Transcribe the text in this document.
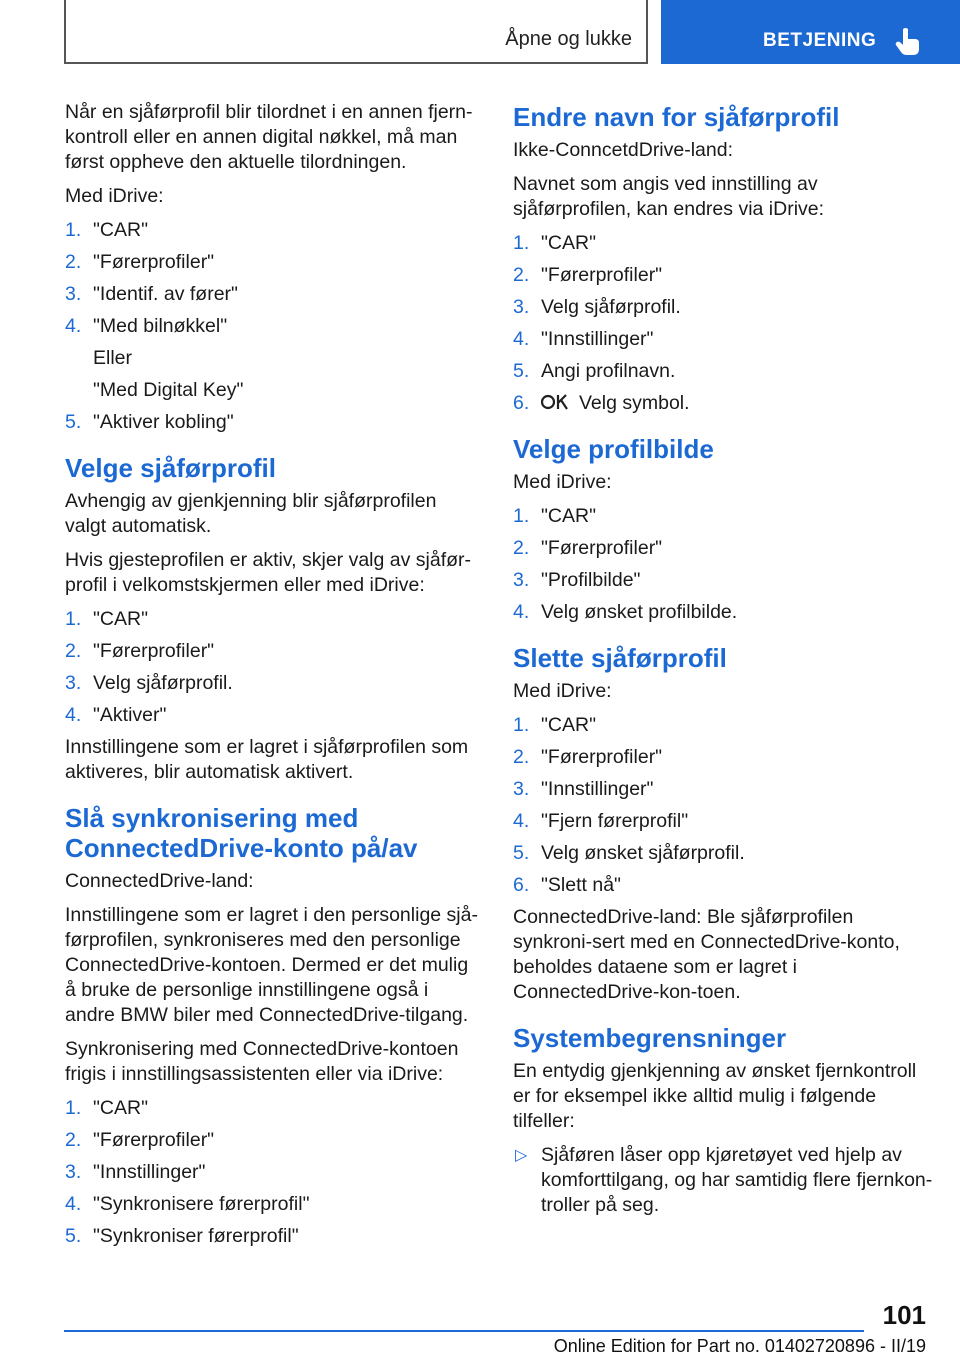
Åpne og lukke	BETJENING

Når en sjåførprofil blir tilordnet i en annen fjern-kontroll eller en annen digital nøkkel, må man først oppheve den aktuelle tilordningen.

Med iDrive:

1. "CAR"
2. "Førerprofiler"
3. "Identif. av fører"
4. "Med bilnøkkel"
Eller
"Med Digital Key"
5. "Aktiver kobling"
Velge sjåførprofil

Avhengig av gjenkjenning blir sjåførprofilen valgt automatisk.

Hvis gjesteprofilen er aktiv, skjer valg av sjåfør-profil i velkomstskjermen eller med iDrive:

1. "CAR"
2. "Førerprofiler"
3. Velg sjåførprofil.
4. "Aktiver"

Innstillingene som er lagret i sjåførprofilen som aktiveres, blir automatisk aktivert.

Slå synkronisering med ConnectedDrive-konto på/av

ConnectedDrive-land:

Innstillingene som er lagret i den personlige sjå-førprofilen, synkroniseres med den personlige ConnectedDrive-kontoen. Dermed er det mulig å bruke de personlige innstillingene også i andre BMW biler med ConnectedDrive-tilgang.

Synkronisering med ConnectedDrive-kontoen frigis i innstillingsassistenten eller via iDrive:

1. "CAR"
2. "Førerprofiler"
3. "Innstillinger"
4. "Synkronisere førerprofil"
5. "Synkroniser førerprofil"
Endre navn for sjåførprofil

Ikke-ConncetdDrive-land:

Navnet som angis ved innstilling av sjåførprofilen, kan endres via iDrive:

1. "CAR"
2. "Førerprofiler"
3. Velg sjåførprofil.
4. "Innstillinger"
5. Angi profilnavn.
6.	Velg symbol.
Velge profilbilde

Med iDrive:

1. "CAR"
2. "Førerprofiler"
3. "Profilbilde"
4. Velg ønsket profilbilde.
Slette sjåførprofil

Med iDrive:

1. "CAR"
2. "Førerprofiler"
3. "Innstillinger"
4. "Fjern førerprofil"
5. Velg ønsket sjåførprofil.
6. "Slett nå"

ConnectedDrive-land: Ble sjåførprofilen synkroni-sert med en ConnectedDrive-konto, beholdes dataene som er lagret i ConnectedDrive-kon-toen.

Systembegrensninger

En entydig gjenkjenning av ønsket fjernkontroll er for eksempel ikke alltid mulig i følgende tilfeller:

▷ Sjåføren låser opp kjøretøyet ved hjelp av komforttilgang, og har samtidig flere fjernkon-troller på seg.
101
Online Edition for Part no. 01402720896 - II/19
